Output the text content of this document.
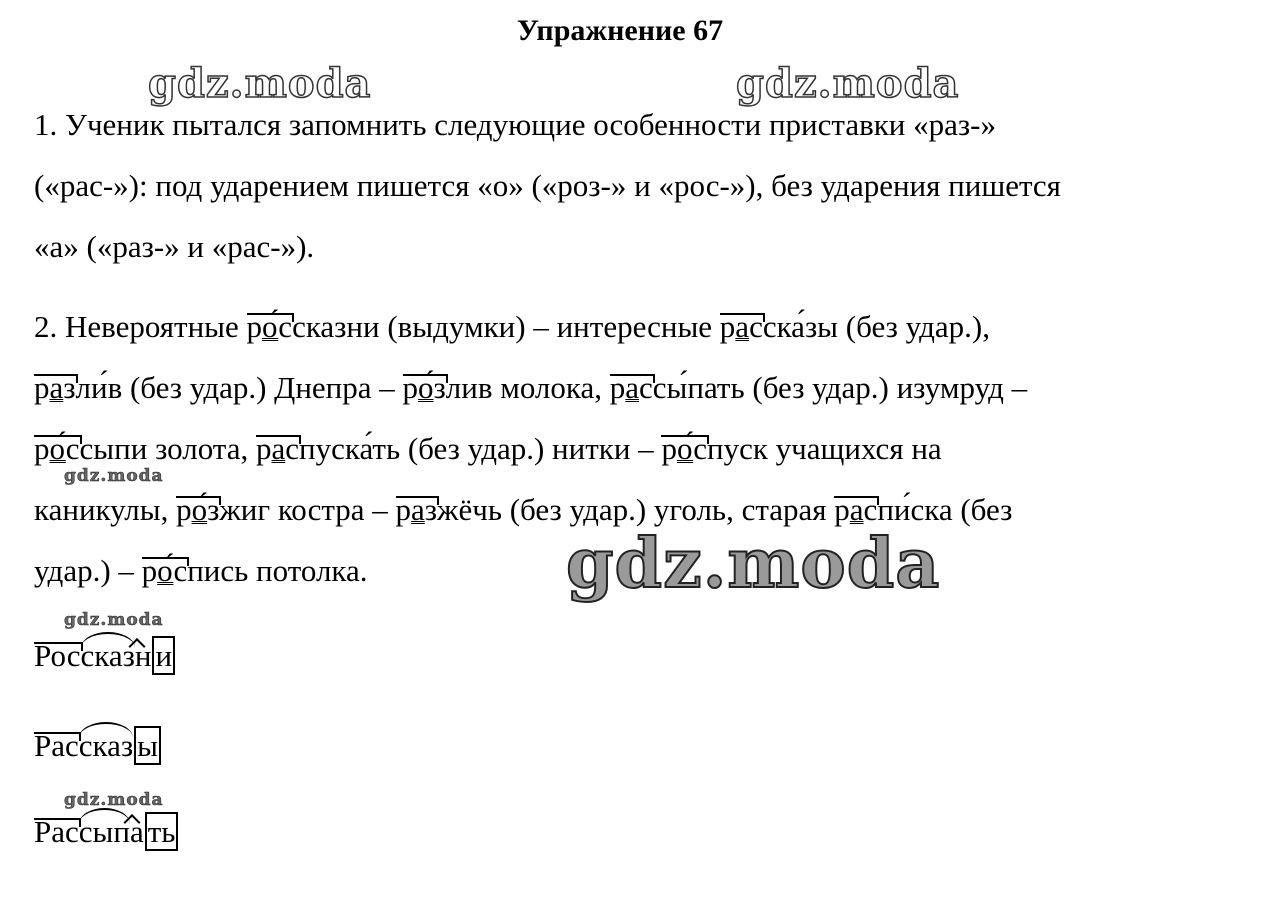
Упражнение 67
gdz.moda	gdz.moda
gdz.moda
gdz.moda
gdz.moda
gdz.moda
1. Ученик пытался запомнить следующие особенности приставки «раз-»
(«рас-»): под ударением пишется «о» («роз-» и «рос-»), без ударения пишется
«а» («раз-» и «рас-»).
2. Невероятные ро́ссказни (выдумки) – интересные расска́зы (без удар.),
разли́в (без удар.) Днепра – ро́злив молока, рассы́пать (без удар.) изумруд –
ро́ссыпи золота, распуска́ть (без удар.) нитки – ро́спуск учащихся на
каникулы, ро́зжиг костра – разжёчь (без удар.) уголь, старая распи́ска (без
удар.) – ро́спись потолка.
Россказн и
Рассказ ы
Рассыпа ть
